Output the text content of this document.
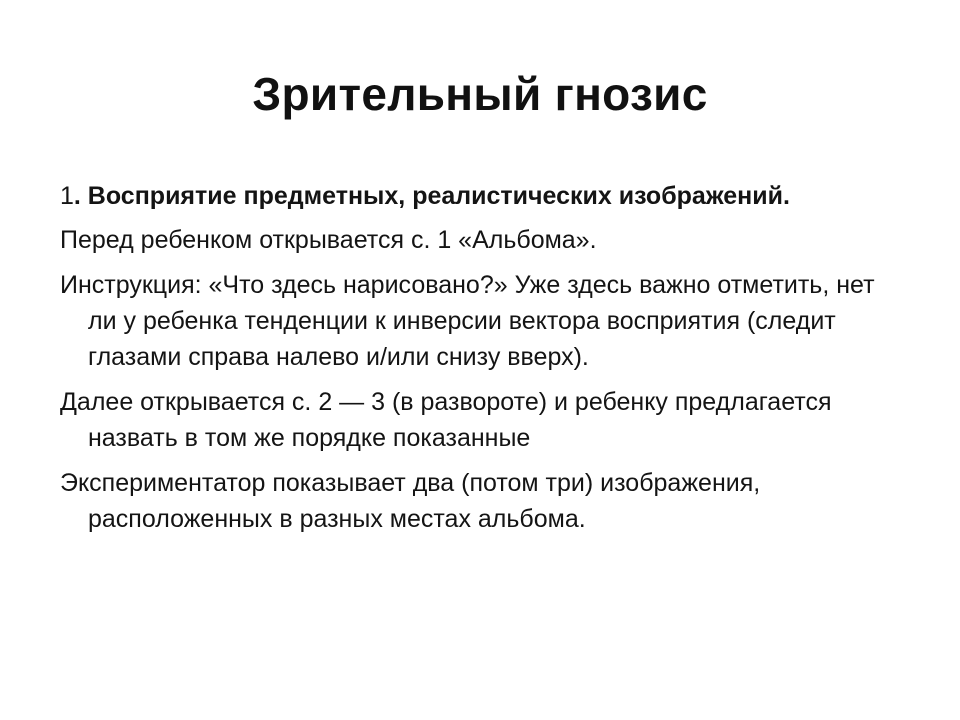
Зрительный гнозис

1. Восприятие предметных, реалистических изображений.

Перед ребенком открывается с. 1 «Альбома».

Инструкция: «Что здесь нарисовано?» Уже здесь важно отметить, нет ли у ребенка тенденции к инверсии вектора восприятия (следит глазами справа налево и/или снизу вверх).

Далее открывается с. 2 — 3 (в развороте) и ребенку предлагается назвать в том же порядке показанные

Экспериментатор показывает два (потом три) изображения, расположенных в разных местах альбома.
